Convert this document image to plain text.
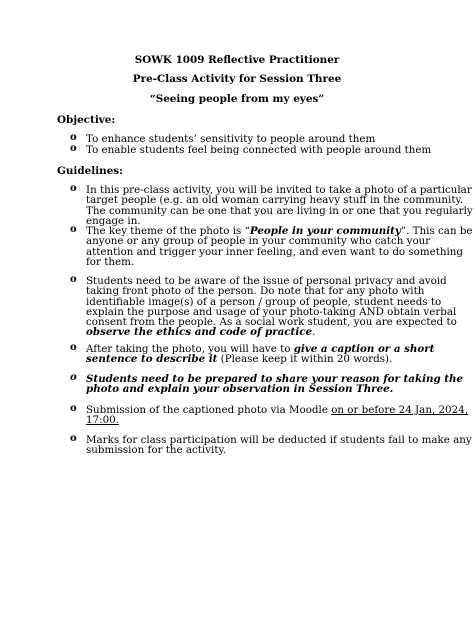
SOWK 1009 Reflective Practitioner
Pre-Class Activity for Session Three
“Seeing people from my eyes”
Objective:
o To enhance students’ sensitivity to people around them
o To enable students feel being connected with people around them
Guidelines:
o In this pre-class activity, you will be invited to take a photo of a particular
target people (e.g. an old woman carrying heavy stuff in the community.
The community can be one that you are living in or one that you regularly
engage in.
o The key theme of the photo is “People in your community”. This can be
anyone or any group of people in your community who catch your
attention and trigger your inner feeling, and even want to do something
for them.
o Students need to be aware of the issue of personal privacy and avoid
taking front photo of the person. Do note that for any photo with
identifiable image(s) of a person / group of people, student needs to
explain the purpose and usage of your photo-taking AND obtain verbal
consent from the people. As a social work student, you are expected to
observe the ethics and code of practice.
o After taking the photo, you will have to give a caption or a short
sentence to describe it (Please keep it within 20 words).
o Students need to be prepared to share your reason for taking the
photo and explain your observation in Session Three.
o Submission of the captioned photo via Moodle on or before 24 Jan, 2024,
17:00.
o Marks for class participation will be deducted if students fail to make any
submission for the activity.
